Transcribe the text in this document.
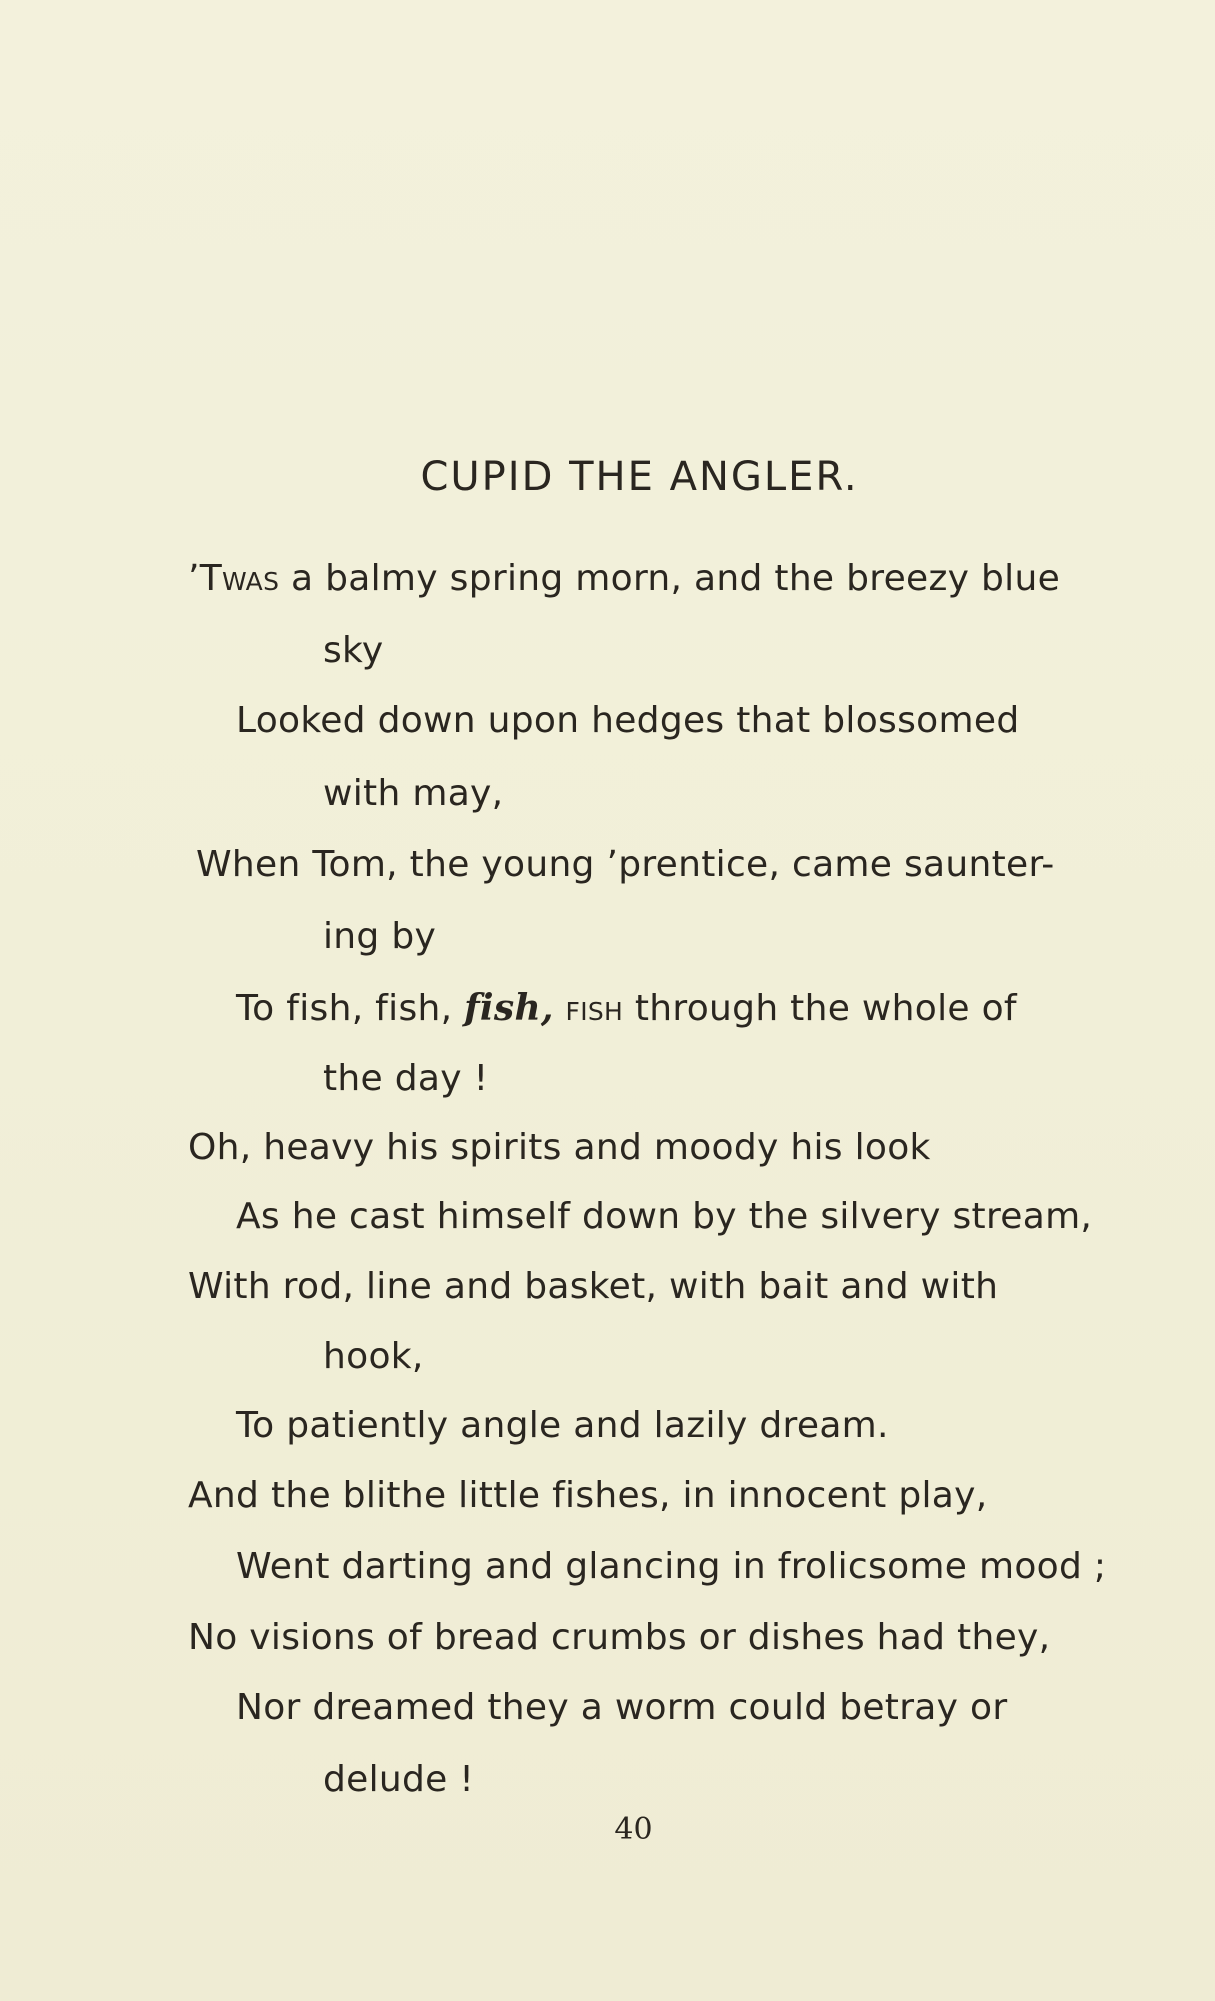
CUPID THE ANGLER.
’Twas a balmy spring morn, and the breezy blue
sky
Looked down upon hedges that blossomed
with may,
When Tom, the young ’prentice, came saunter-
ing by
To fish, fish, fish, fish through the whole of
the day !
Oh, heavy his spirits and moody his look
As he cast himself down by the silvery stream,
With rod, line and basket, with bait and with
hook,
To patiently angle and lazily dream.
And the blithe little fishes, in innocent play,
Went darting and glancing in frolicsome mood ;
No visions of bread crumbs or dishes had they,
Nor dreamed they a worm could betray or
delude !
40
